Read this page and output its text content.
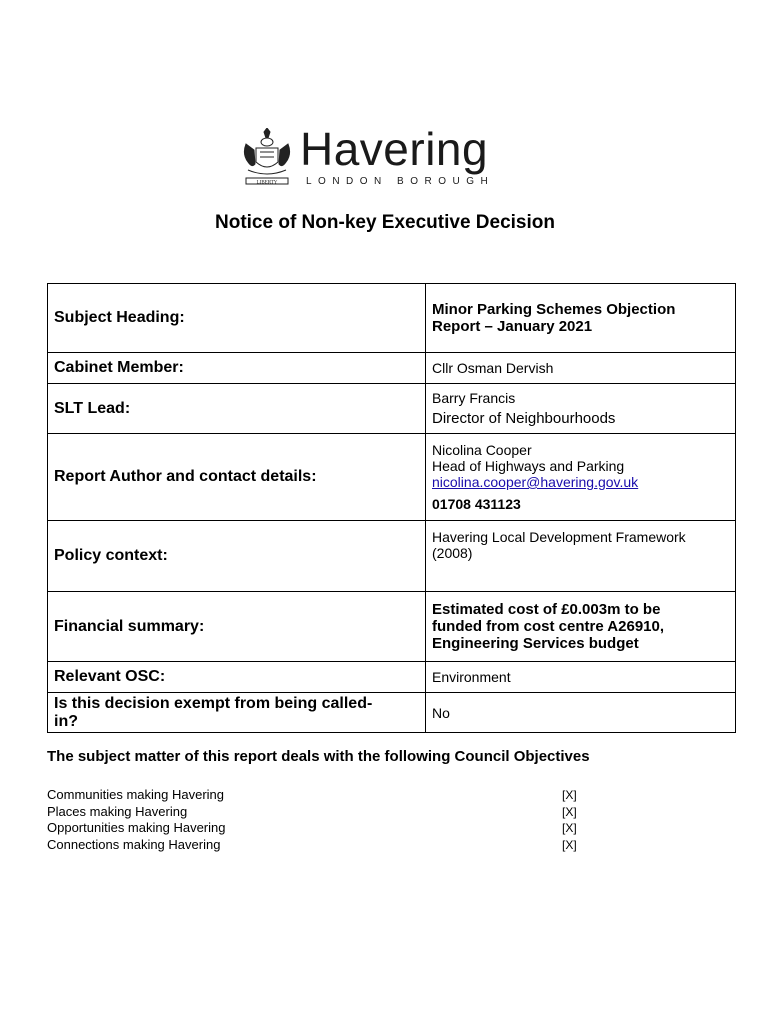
LIBERTY
Havering
LONDON BOROUGH
Notice of Non-key Executive Decision
Subject Heading:	Minor Parking Schemes Objection
Report – January 2021

Cabinet Member:	Cllr Osman Dervish
SLT Lead:	Barry Francis
Director of Neighbourhoods

Report Author and contact details:	Nicolina Cooper
Head of Highways and Parking
nicolina.cooper@havering.gov.uk
01708 431123

Policy context:	Havering Local Development Framework
(2008)

Financial summary:	Estimated cost of £0.003m to be
funded from cost centre A26910,
Engineering Services budget

Relevant OSC:	Environment

Is this decision exempt from being called-
in?	No
The subject matter of this report deals with the following Council Objectives
Communities making Havering	[X]
Places making Havering	[X]
Opportunities making Havering	[X]
Connections making Havering	[X]
